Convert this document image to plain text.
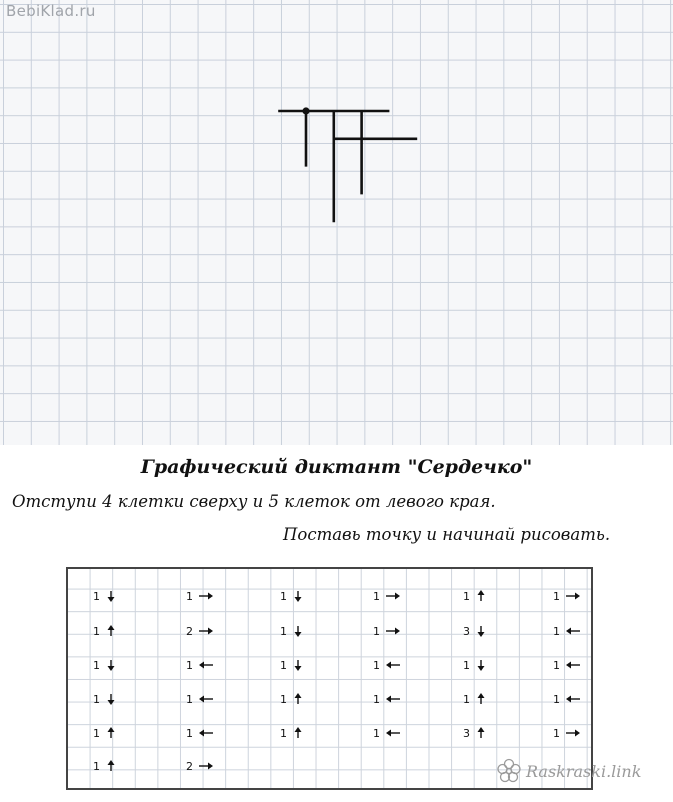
BebiKlad.ru
Графический диктант "Сердечко"
Отступи 4 клетки сверху и 5 клеток от левого края.
Поставь точку и начинай рисовать.
1
1
1
1
1
1
1
2
1
1
1
2
1
1
1
1
1
1
1
1
1
1
1
3
1
1
3
1
1
1
1
1
Raskraski.link
